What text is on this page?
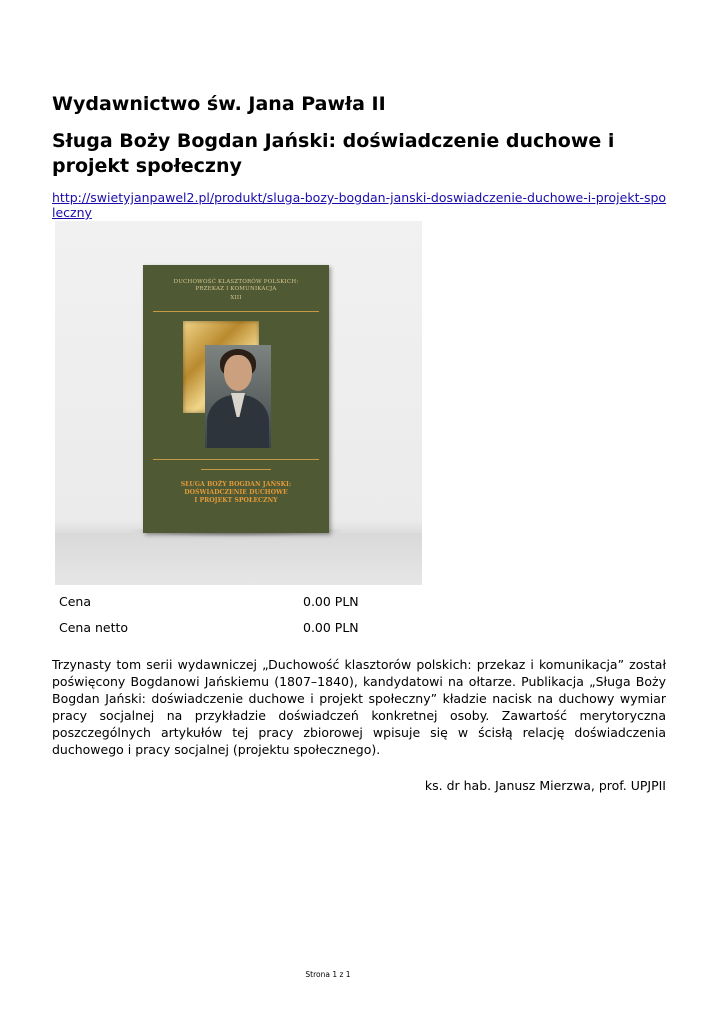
Wydawnictwo św. Jana Pawła II
Sługa Boży Bogdan Jański: doświadczenie duchowe i projekt społeczny
http://swietyjanpawel2.pl/produkt/sluga-bozy-bogdan-janski-doswiadczenie-duchowe-i-projekt-spoleczny
DUCHOWOŚĆ KLASZTORÓW POLSKICH:
PRZEKAZ I KOMUNIKACJA
XIII
SŁUGA BOŻY BOGDAN JAŃSKI:
DOŚWIADCZENIE DUCHOWE
I PROJEKT SPOŁECZNY
Cena	0.00 PLN
Cena netto	0.00 PLN

Trzynasty tom serii wydawniczej „Duchowość klasztorów polskich: przekaz i komunikacja” został poświęcony Bogdanowi Jańskiemu (1807–1840), kandydatowi na ołtarze. Publikacja „Sługa Boży Bogdan Jański: doświadczenie duchowe i projekt społeczny” kładzie nacisk na duchowy wymiar pracy socjalnej na przykładzie doświadczeń konkretnej osoby. Zawartość merytoryczna poszczególnych artykułów tej pracy zbiorowej wpisuje się w ścisłą relację doświadczenia duchowego i pracy socjalnej (projektu społecznego).

ks. dr hab. Janusz Mierzwa, prof. UPJPII

Strona 1 z 1
